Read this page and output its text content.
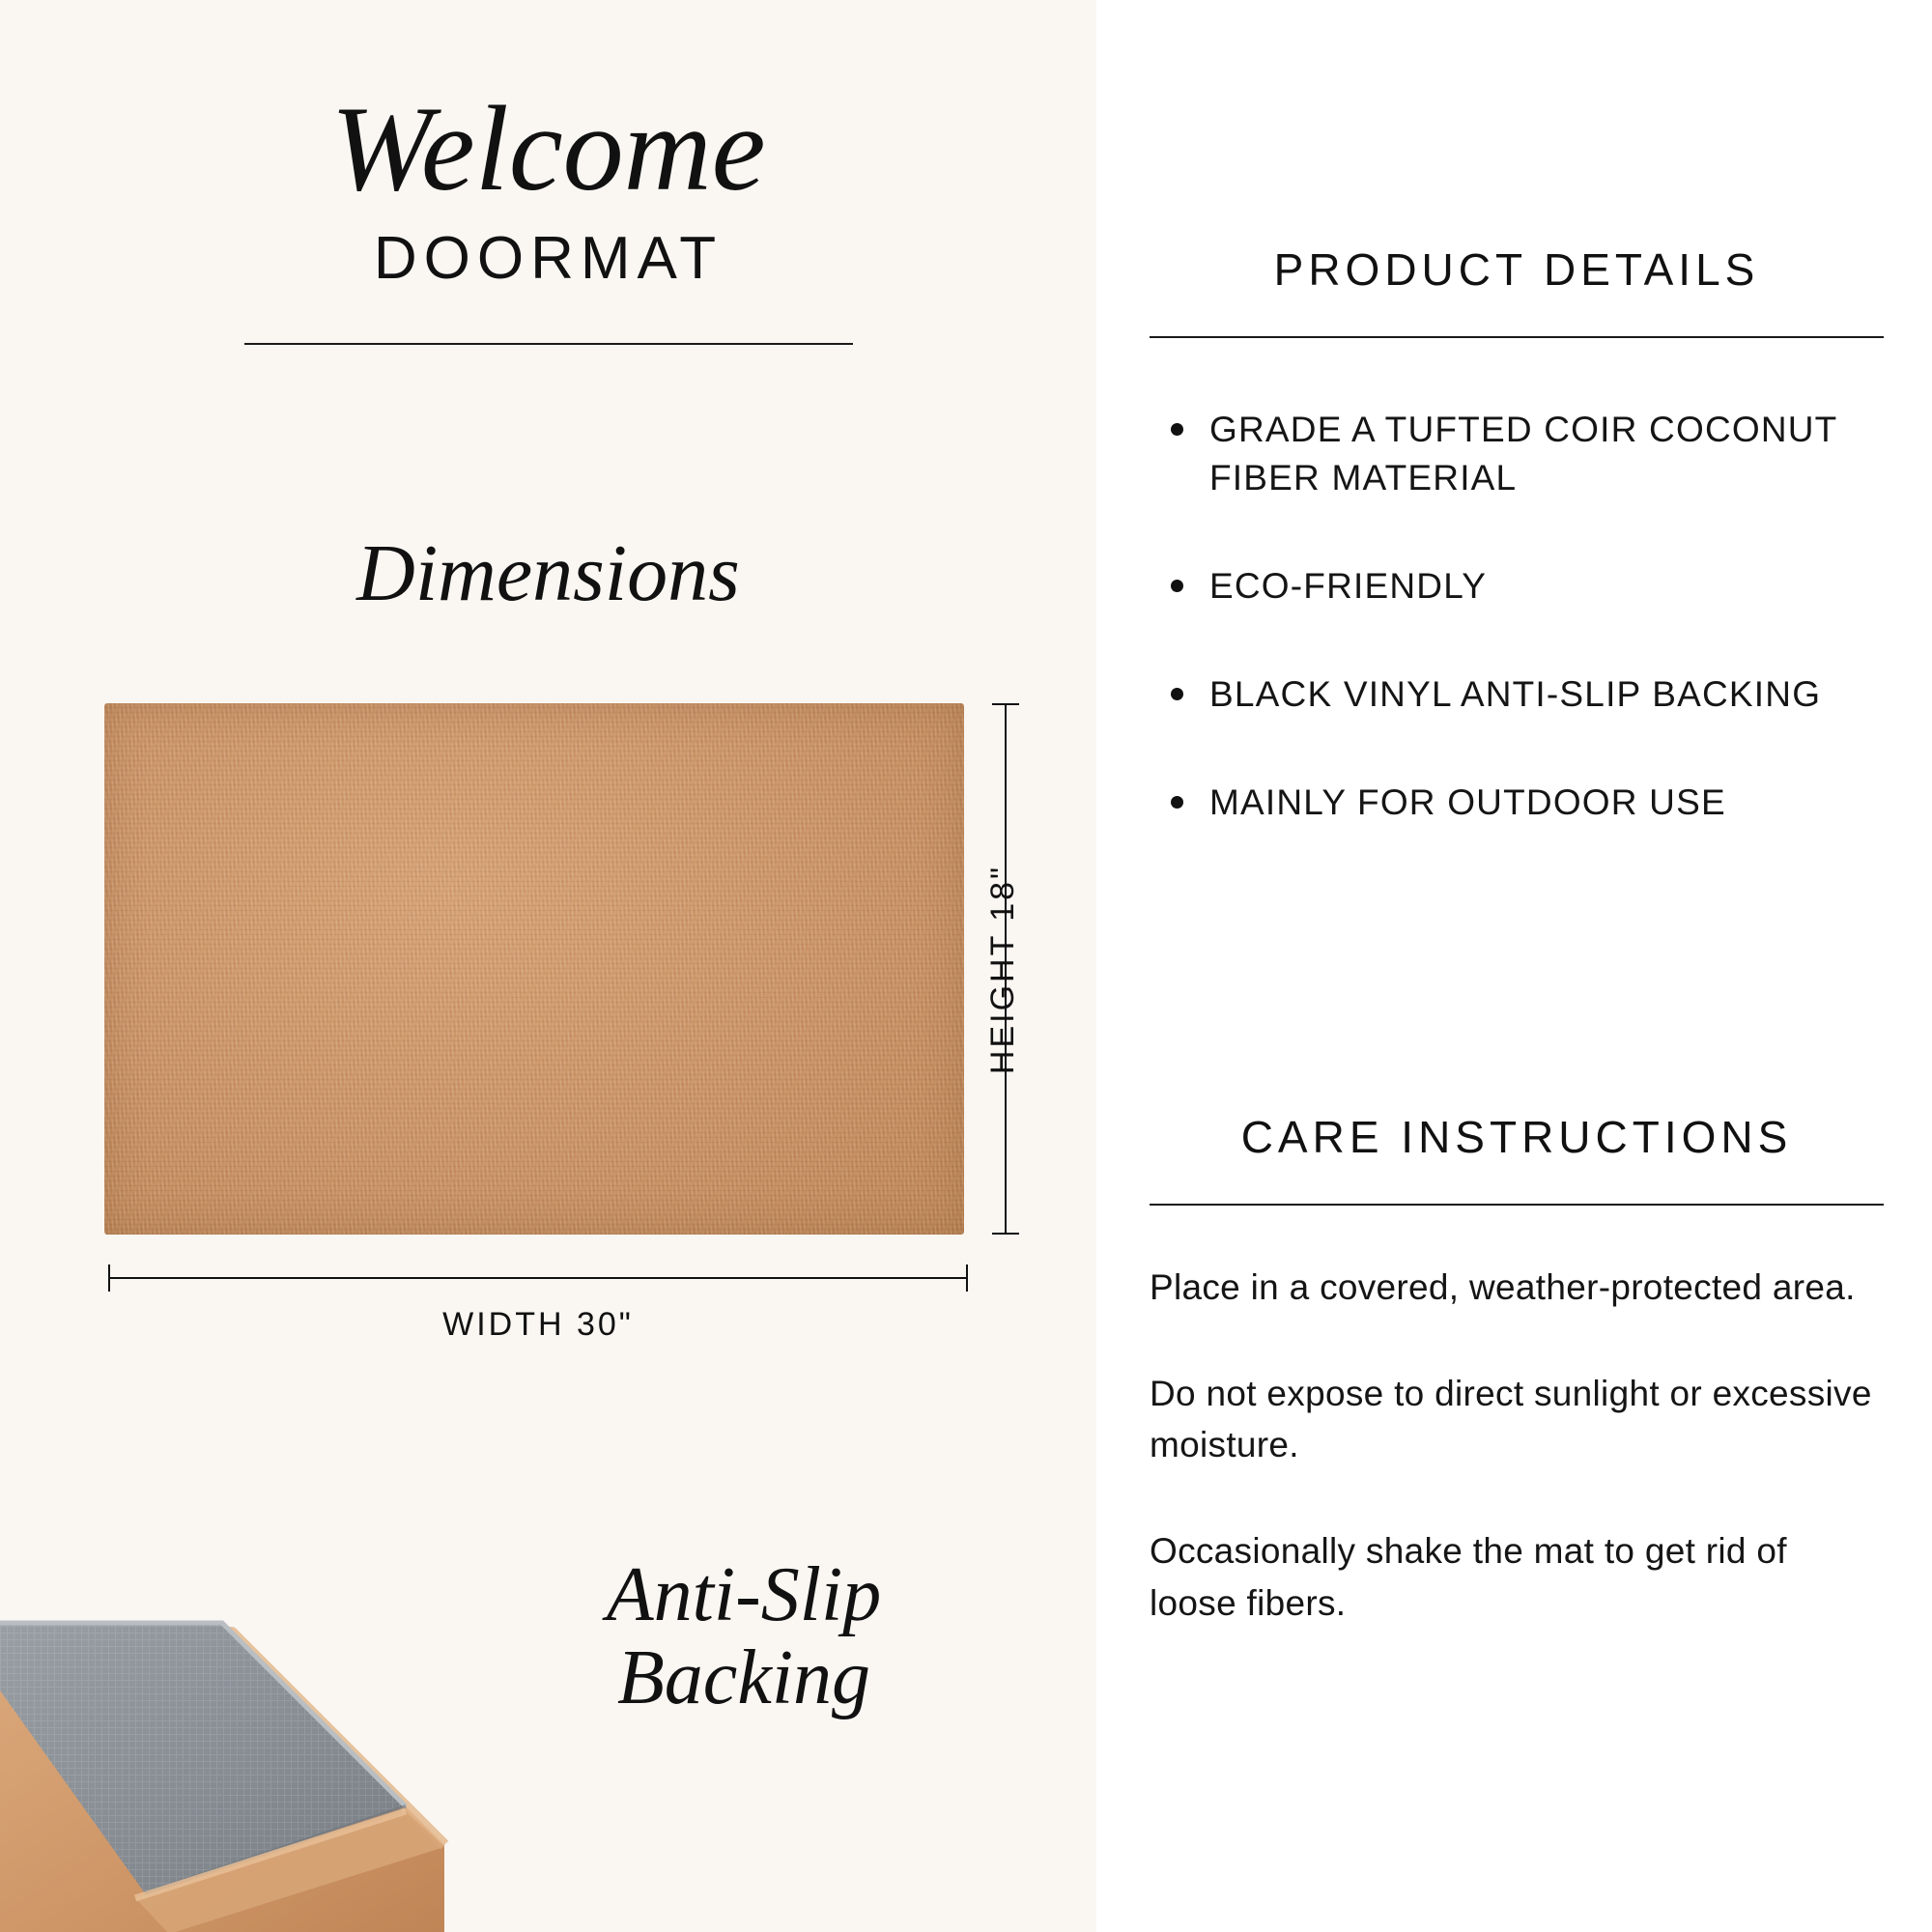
Welcome
DOORMAT
Dimensions
HEIGHT 18"
WIDTH 30"
Anti-Slip
Backing
PRODUCT DETAILS
GRADE A TUFTED COIR COCONUT FIBER MATERIAL
ECO-FRIENDLY
BLACK VINYL ANTI-SLIP BACKING
MAINLY FOR OUTDOOR USE
CARE INSTRUCTIONS

Place in a covered, weather-protected area.

Do not expose to direct sunlight or excessive moisture.

Occasionally shake the mat to get rid of loose fibers.
